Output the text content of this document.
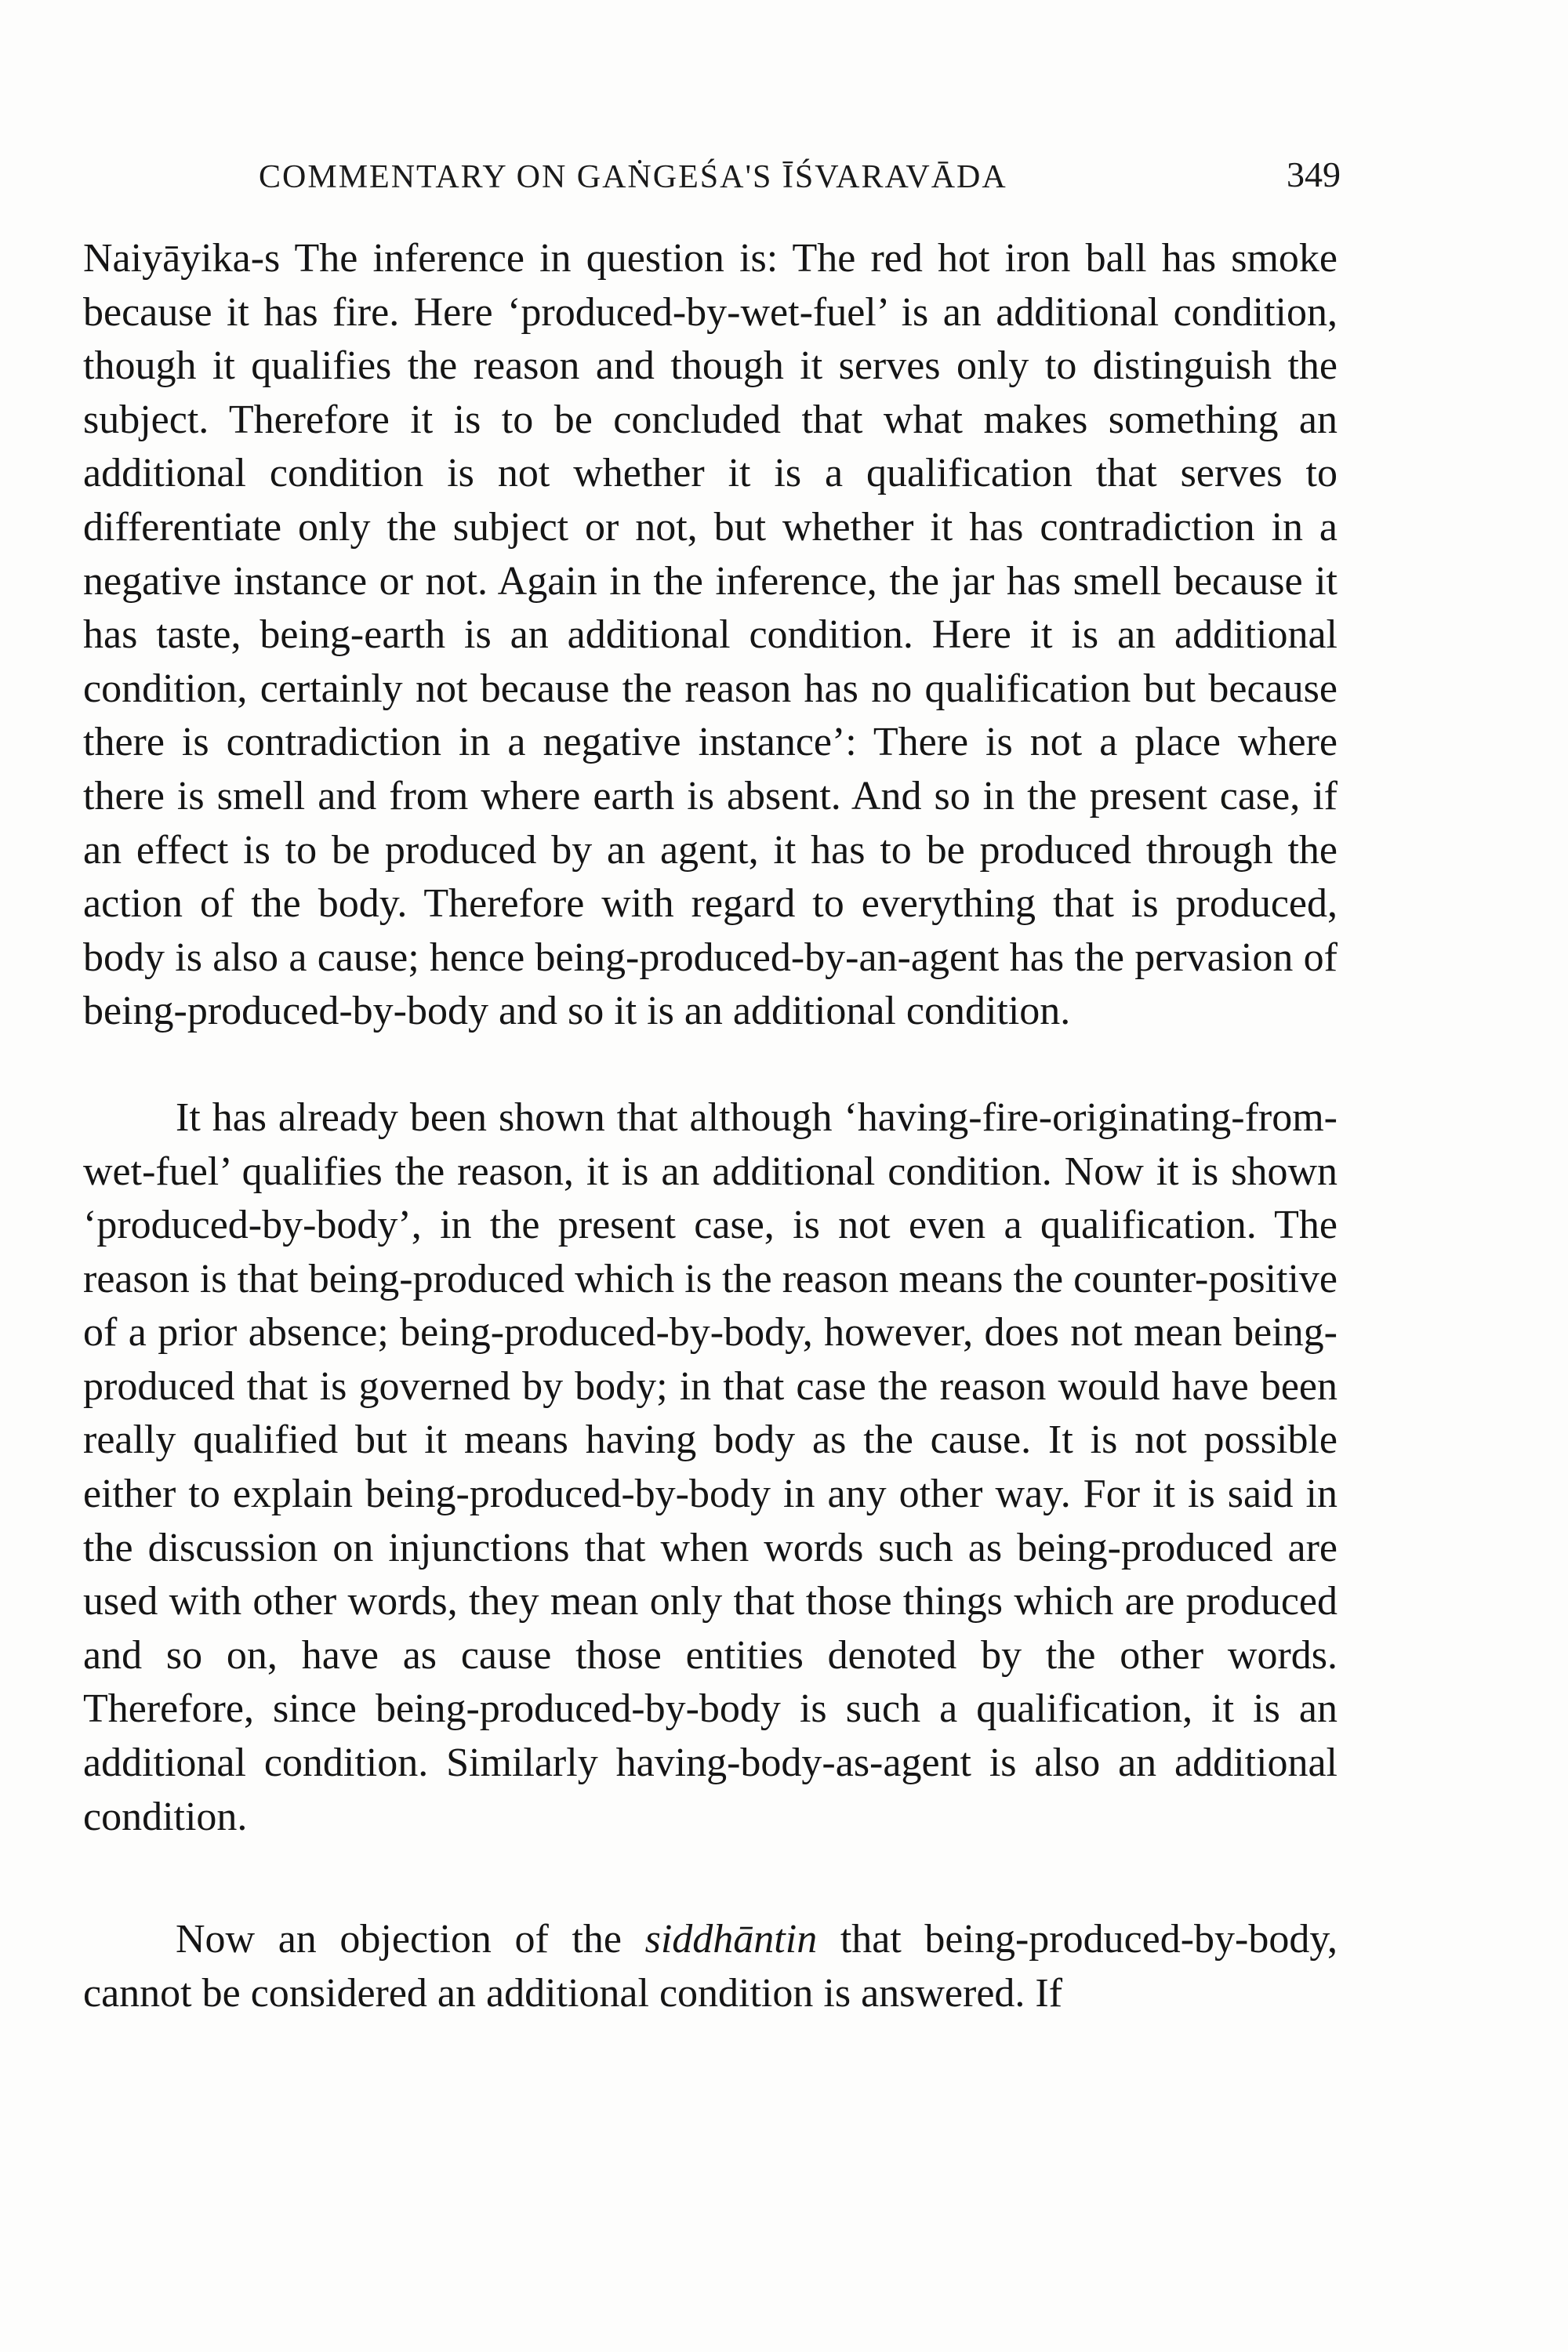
COMMENTARY ON GAṄGEŚA'S ĪŚVARAVĀDA	349

Naiyāyika-s The inference in question is: The red hot iron ball has smoke because it has fire. Here ‘produced-by-wet-fuel’ is an additional condition, though it qualifies the reason and though it serves only to distinguish the subject. Therefore it is to be concluded that what makes something an additional condition is not whether it is a qualification that serves to differentiate only the subject or not, but whether it has contradiction in a negative instance or not. Again in the inference, the jar has smell because it has taste, being-earth is an additional condition. Here it is an additional condition, certainly not because the reason has no qualification but because there is contradiction in a negative instance’: There is not a place where there is smell and from where earth is absent. And so in the present case, if an effect is to be produced by an agent, it has to be produced through the action of the body. Therefore with regard to everything that is produced, body is also a cause; hence being-produced-by-an-agent has the pervasion of being-produced-by-body and so it is an additional condition.

It has already been shown that although ‘having-fire-originating-from-wet-fuel’ qualifies the reason, it is an additional condition. Now it is shown ‘produced-by-body’, in the present case, is not even a qualification. The reason is that being-produced which is the reason means the counter-positive of a prior absence; being-produced-by-body, however, does not mean being-produced that is governed by body; in that case the reason would have been really qualified but it means having body as the cause. It is not possible either to explain being-produced-by-body in any other way. For it is said in the discussion on injunctions that when words such as being-produced are used with other words, they mean only that those things which are produced and so on, have as cause those entities denoted by the other words. Therefore, since being-produced-by-body is such a qualification, it is an additional condition. Similarly having-body-as-agent is also an additional condition.

Now an objection of the siddhāntin that being-produced-by-body, cannot be considered an additional condition is answered. If
